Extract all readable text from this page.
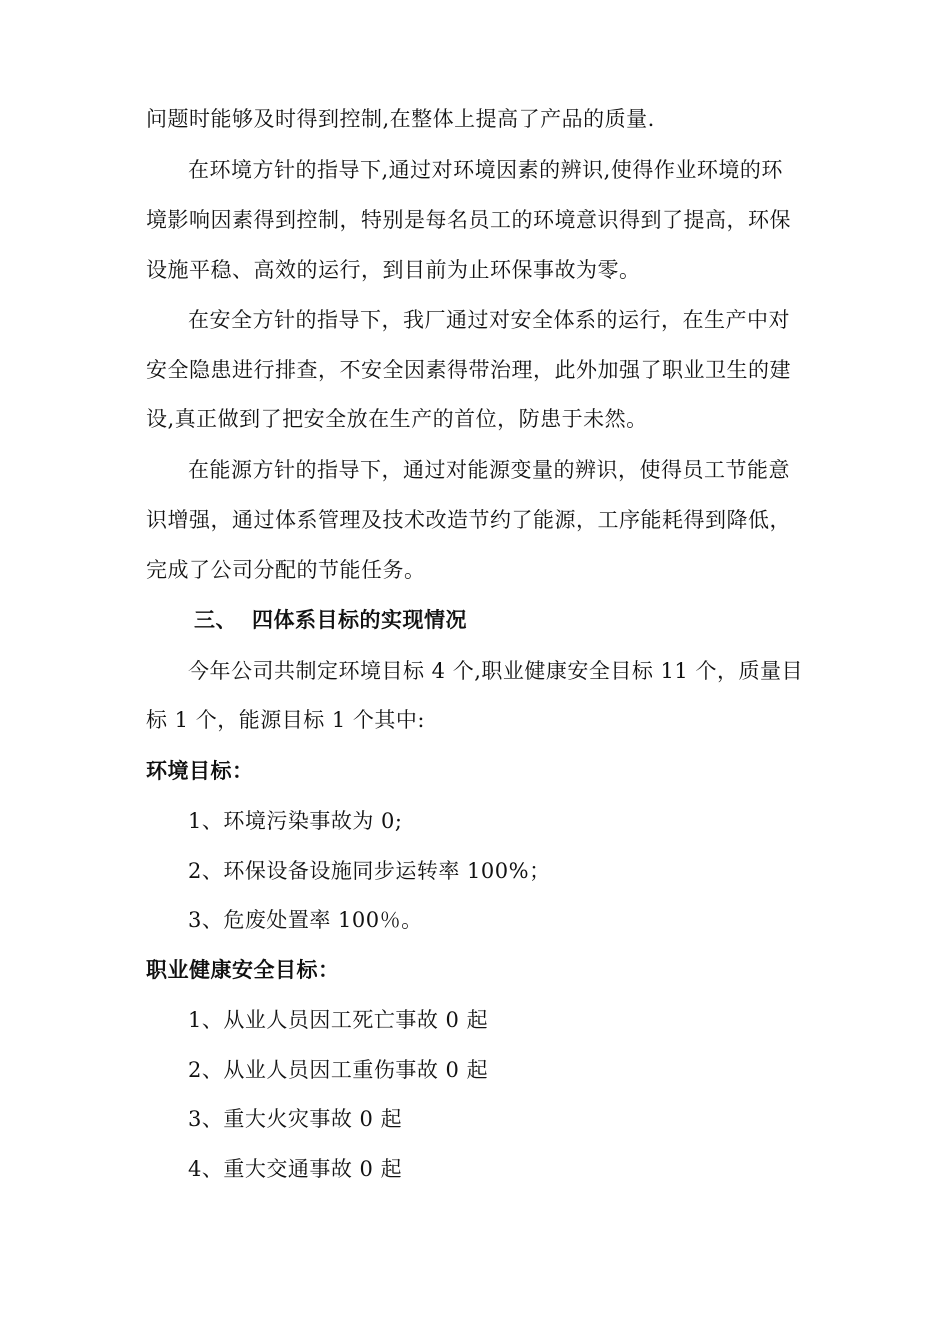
问题时能够及时得到控制,在整体上提高了产品的质量.
在环境方针的指导下,通过对环境因素的辨识,使得作业环境的环
境影响因素得到控制，特别是每名员工的环境意识得到了提高，环保
设施平稳、高效的运行，到目前为止环保事故为零。
在安全方针的指导下，我厂通过对安全体系的运行，在生产中对
安全隐患进行排查，不安全因素得带治理，此外加强了职业卫生的建
设,真正做到了把安全放在生产的首位，防患于未然。
在能源方针的指导下，通过对能源变量的辨识，使得员工节能意
识增强，通过体系管理及技术改造节约了能源，工序能耗得到降低，
完成了公司分配的节能任务。
三、 四体系目标的实现情况
今年公司共制定环境目标 4 个,职业健康安全目标 11 个，质量目
标 1 个，能源目标 1 个其中:
环境目标：
1、环境污染事故为 0;
2、环保设备设施同步运转率 100%；
3、危废处置率 100％。
职业健康安全目标：
1、从业人员因工死亡事故 0 起
2、从业人员因工重伤事故 0 起
3、重大火灾事故 0 起
4、重大交通事故 0 起
